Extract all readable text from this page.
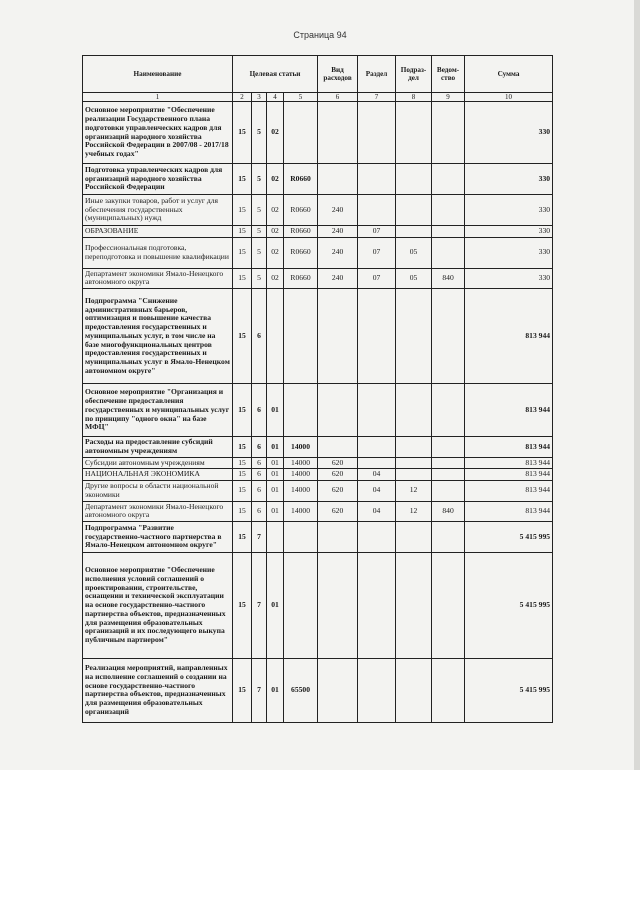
Страница 94
Наименование	Целевая статьи				Вид расходов	Раздел	Подраз-дел	Ведом-ство	Сумма
1	2	3	4	5	6	7	8	9	10
Основное мероприятие "Обеспечение реализации Государственного плана подготовки управленческих кадров для организаций народного хозяйства Российской Федерации в 2007/08 - 2017/18 учебных годах"	15	5	02						330
Подготовка управленческих кадров для организаций народного хозяйства Российской Федерации	15	5	02	R0660					330
Иные закупки товаров, работ и услуг для обеспечения государственных (муниципальных) нужд	15	5	02	R0660	240				330
ОБРАЗОВАНИЕ	15	5	02	R0660	240	07			330
Профессиональная подготовка, переподготовка и повышение квалификации	15	5	02	R0660	240	07	05		330
Департамент экономики Ямало-Ненецкого автономного округа	15	5	02	R0660	240	07	05	840	330
Подпрограмма "Снижение административных барьеров, оптимизация и повышение качества предоставления государственных и муниципальных услуг, в том числе на базе многофункциональных центров предоставления государственных и муниципальных услуг в Ямало-Ненецком автономном округе"	15	6							813 944
Основное мероприятие "Организация и обеспечение предоставления государственных и муниципальных услуг по принципу "одного окна" на базе МФЦ"	15	6	01						813 944
Расходы на предоставление субсидий автономным учреждениям	15	6	01	14000					813 944
Субсидии автономным учреждениям	15	6	01	14000	620				813 944
НАЦИОНАЛЬНАЯ ЭКОНОМИКА	15	6	01	14000	620	04			813 944
Другие вопросы в области национальной экономики	15	6	01	14000	620	04	12		813 944
Департамент экономики Ямало-Ненецкого автономного округа	15	6	01	14000	620	04	12	840	813 944
Подпрограмма "Развитие государственно-частного партнерства в Ямало-Ненецком автономном округе"	15	7							5 415 995
Основное мероприятие "Обеспечение исполнения условий соглашений о проектировании, строительстве, оснащении и технической эксплуатации на основе государственно-частного партнерства объектов, предназначенных для размещения образовательных организаций и их последующего выкупа публичным партнером"	15	7	01						5 415 995
Реализация мероприятий, направленных на исполнение соглашений о создании на основе государственно-частного партнерства объектов, предназначенных для размещения образовательных организаций	15	7	01	65500					5 415 995
